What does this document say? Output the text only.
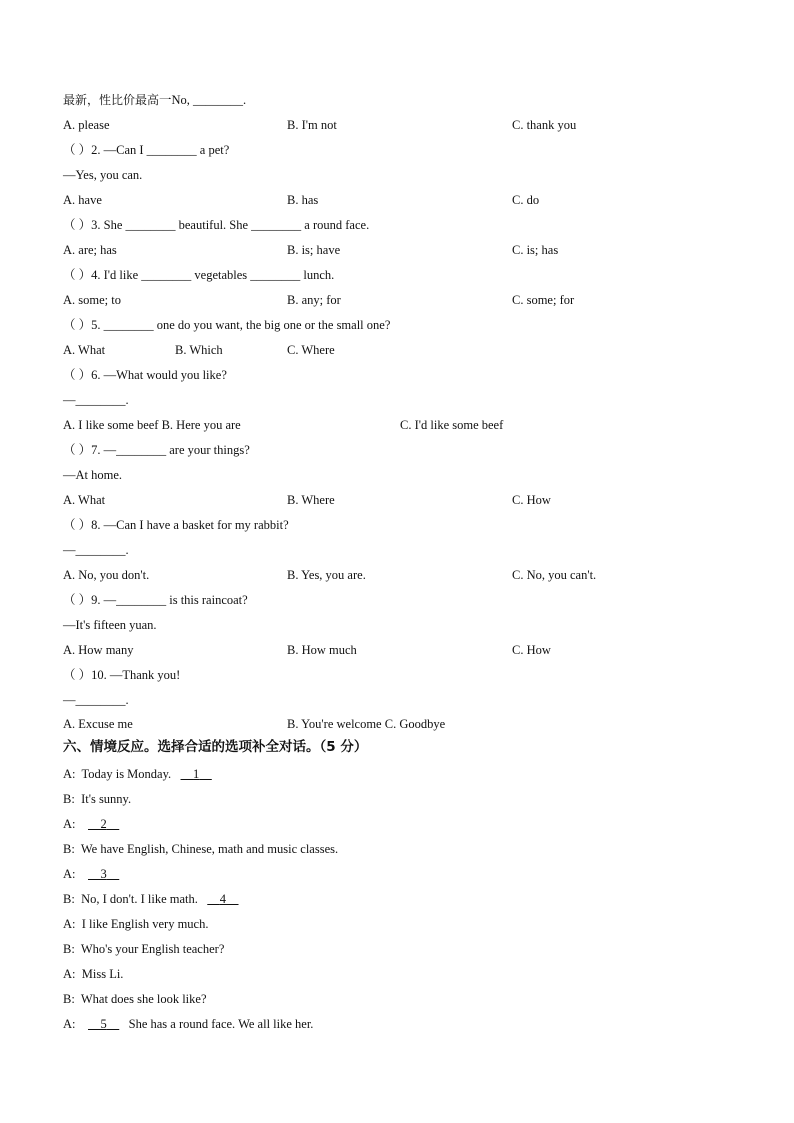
最新，性比价最高一No, ________.
A. please	B. I'm not	C. thank you
（ ）2. —Can I ________ a pet?
—Yes, you can.
A. have	B. has	C. do
（ ）3. She ________ beautiful. She ________ a round face.
A. are; has	B. is; have	C. is; has
（ ）4. I'd like ________ vegetables ________ lunch.
A. some; to	B. any; for	C. some; for
（ ）5. ________ one do you want, the big one or the small one?
A. What	B. Which	C. Where
（ ）6. —What would you like?
—________.
A. I like some beef B. Here you are	C. I'd like some beef
（ ）7. —________ are your things?
—At home.
A. What	B. Where	C. How
（ ）8. —Can I have a basket for my rabbit?
—________.
A. No, you don't.	B. Yes, you are.	C. No, you can't.
（ ）9. —________ is this raincoat?
—It's fifteen yuan.
A. How many	B. How much	C. How
（ ）10. —Thank you!
—________.
A. Excuse me	B. You're welcome C. Goodbye
六、情境反应。选择合适的选项补全对话。（5 分）
A: Today is Monday. 1
B: It's sunny.
A: 2
B: We have English, Chinese, math and music classes.
A: 3
B: No, I don't. I like math. 4
A: I like English very much.
B: Who's your English teacher?
A: Miss Li.
B: What does she look like?
A: 5 She has a round face. We all like her.
